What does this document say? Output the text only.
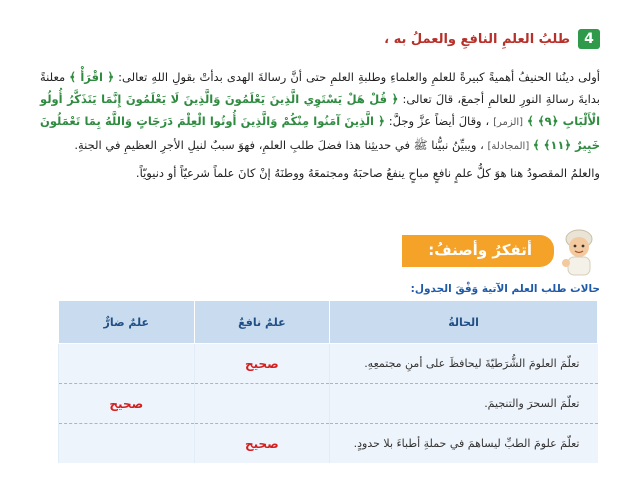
4
طلبُ العلمِ النافعِ والعملُ به ،

أولى دينُنا الحنيفُ أهميةً كبيرةً للعلمِ والعلماءِ وطلبةِ العلمِ حتى أنَّ رسالةَ الهدى بدأتْ بقولِ اللهِ تعالى: ﴿ اقْرَأْ ﴾ معلنةً بدايةَ رسالةِ النورِ للعالمِ أجمعَ، قالَ تعالى: ﴿ قُلْ هَلْ يَسْتَوِي الَّذِينَ يَعْلَمُونَ وَالَّذِينَ لَا يَعْلَمُونَ إِنَّمَا يَتَذَكَّرُ أُولُو الْأَلْبَابِ ﴿٩﴾ ﴾ [الزمر] ، وقالَ أيضاً عزَّ وجلَّ: ﴿ الَّذِينَ آمَنُوا مِنْكُمْ وَالَّذِينَ أُوتُوا الْعِلْمَ دَرَجَاتٍ وَاللَّهُ بِمَا تَعْمَلُونَ خَبِيرٌ ﴿١١﴾ ﴾ [المجادلة] ، ويبيِّنُ نبيُّنا ﷺ في حديثِنا هذا فضلَ طلبِ العلمِ، فهوَ سببٌ لنيلِ الأجرِ العظيمِ في الجنةِ.

والعلمُ المقصودُ هنا هوَ كلُّ علمٍ نافعٍ مباحٍ ينفعُ صاحبَهُ ومجتمعَهُ ووطنَهُ إنْ كانَ علماً شرعيّاً أو دنيويّاً.

أتفكرُ وأصنفُ:
حالات طلب العلم الآتية وَفْقَ الجدول:
الحالةُ	علمٌ نافعٌ	علمٌ ضارٌّ
تعلّمَ العلومَ الشُّرَطيّةَ ليحافظَ على أمنِ مجتمعِهِ.	صحيح	
تعلّمَ السحرَ والتنجيمَ.		صحيح
تعلّمَ علومَ الطبِّ ليساهمَ في حملةِ أطباءَ بلا حدودٍ.	صحيح	
